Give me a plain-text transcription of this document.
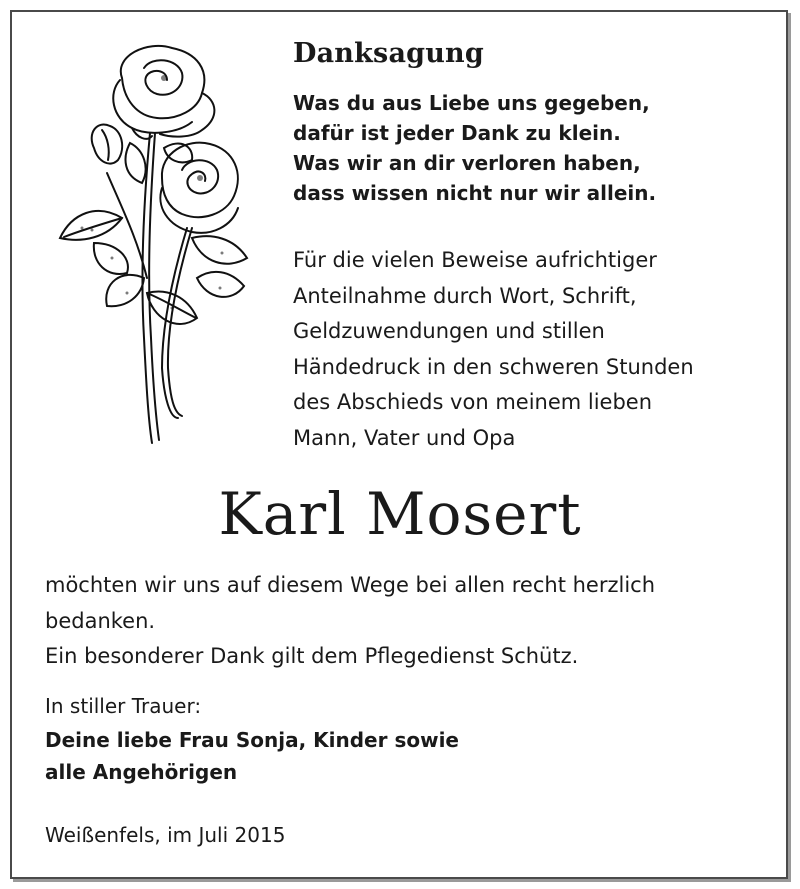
Danksagung
Was du aus Liebe uns gegeben,
dafür ist jeder Dank zu klein.
Was wir an dir verloren haben,
dass wissen nicht nur wir allein.
Für die vielen Beweise aufrichtiger
Anteilnahme durch Wort, Schrift,
Geldzuwendungen und stillen
Händedruck in den schweren Stunden
des Abschieds von meinem lieben
Mann, Vater und Opa
Karl Mosert
möchten wir uns auf diesem Wege bei allen recht herzlich
bedanken.
Ein besonderer Dank gilt dem Pflegedienst Schütz.
In stiller Trauer:
Deine liebe Frau Sonja, Kinder sowie
alle Angehörigen
Weißenfels, im Juli 2015
